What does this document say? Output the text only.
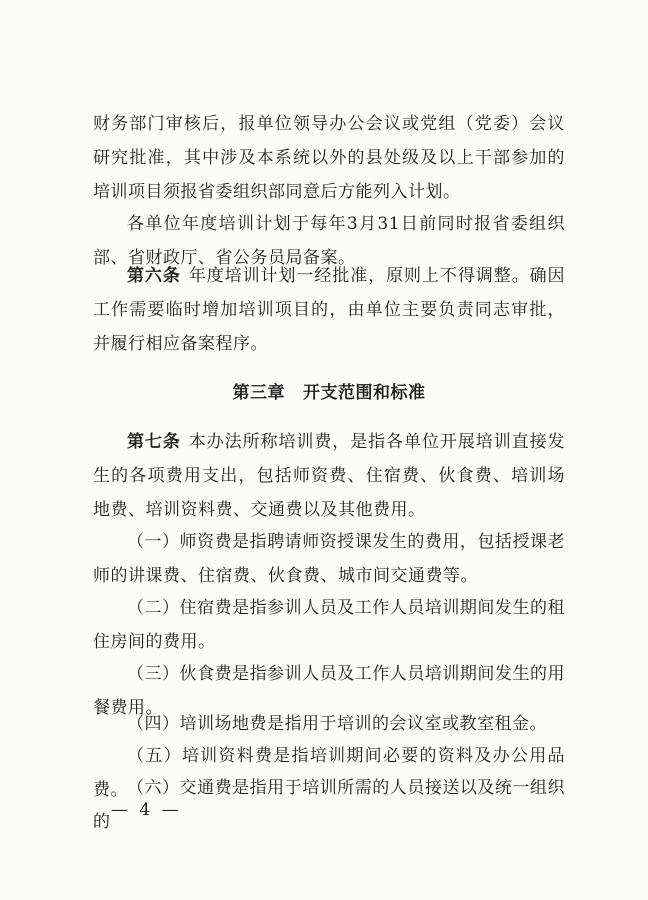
财务部门审核后，报单位领导办公会议或党组（党委）会议研究批准，其中涉及本系统以外的县处级及以上干部参加的培训项目须报省委组织部同意后方能列入计划。

各单位年度培训计划于每年3月31日前同时报省委组织部、省财政厅、省公务员局备案。

第六条 年度培训计划一经批准，原则上不得调整。确因工作需要临时增加培训项目的，由单位主要负责同志审批，并履行相应备案程序。

第三章 开支范围和标准

第七条 本办法所称培训费，是指各单位开展培训直接发生的各项费用支出，包括师资费、住宿费、伙食费、培训场地费、培训资料费、交通费以及其他费用。

（一）师资费是指聘请师资授课发生的费用，包括授课老师的讲课费、住宿费、伙食费、城市间交通费等。

（二）住宿费是指参训人员及工作人员培训期间发生的租住房间的费用。

（三）伙食费是指参训人员及工作人员培训期间发生的用餐费用。

（四）培训场地费是指用于培训的会议室或教室租金。

（五）培训资料费是指培训期间必要的资料及办公用品费。 （六）交通费是指用于培训所需的人员接送以及统一组织的

— 4 —
